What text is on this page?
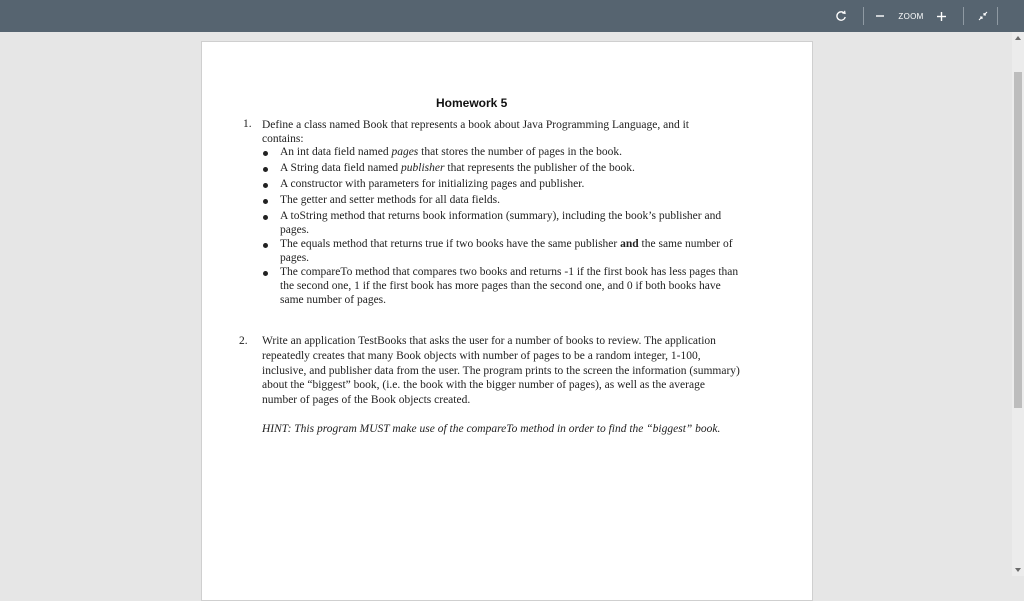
ZOOM
Homework 5
1. Define a class named Book that represents a book about Java Programming Language, and it contains:
An int data field named pages that stores the number of pages in the book.
A String data field named publisher that represents the publisher of the book.
A constructor with parameters for initializing pages and publisher.
The getter and setter methods for all data fields.
A toString method that returns book information (summary), including the book’s publisher and pages.
The equals method that returns true if two books have the same publisher and the same number of pages.
The compareTo method that compares two books and returns -1 if the first book has less pages than the second one, 1 if the first book has more pages than the second one, and 0 if both books have same number of pages.
2. Write an application TestBooks that asks the user for a number of books to review. The application repeatedly creates that many Book objects with number of pages to be a random integer, 1-100, inclusive, and publisher data from the user. The program prints to the screen the information (summary) about the “biggest” book, (i.e. the book with the bigger number of pages), as well as the average number of pages of the Book objects created.
HINT: This program MUST make use of the compareTo method in order to find the “biggest” book.
